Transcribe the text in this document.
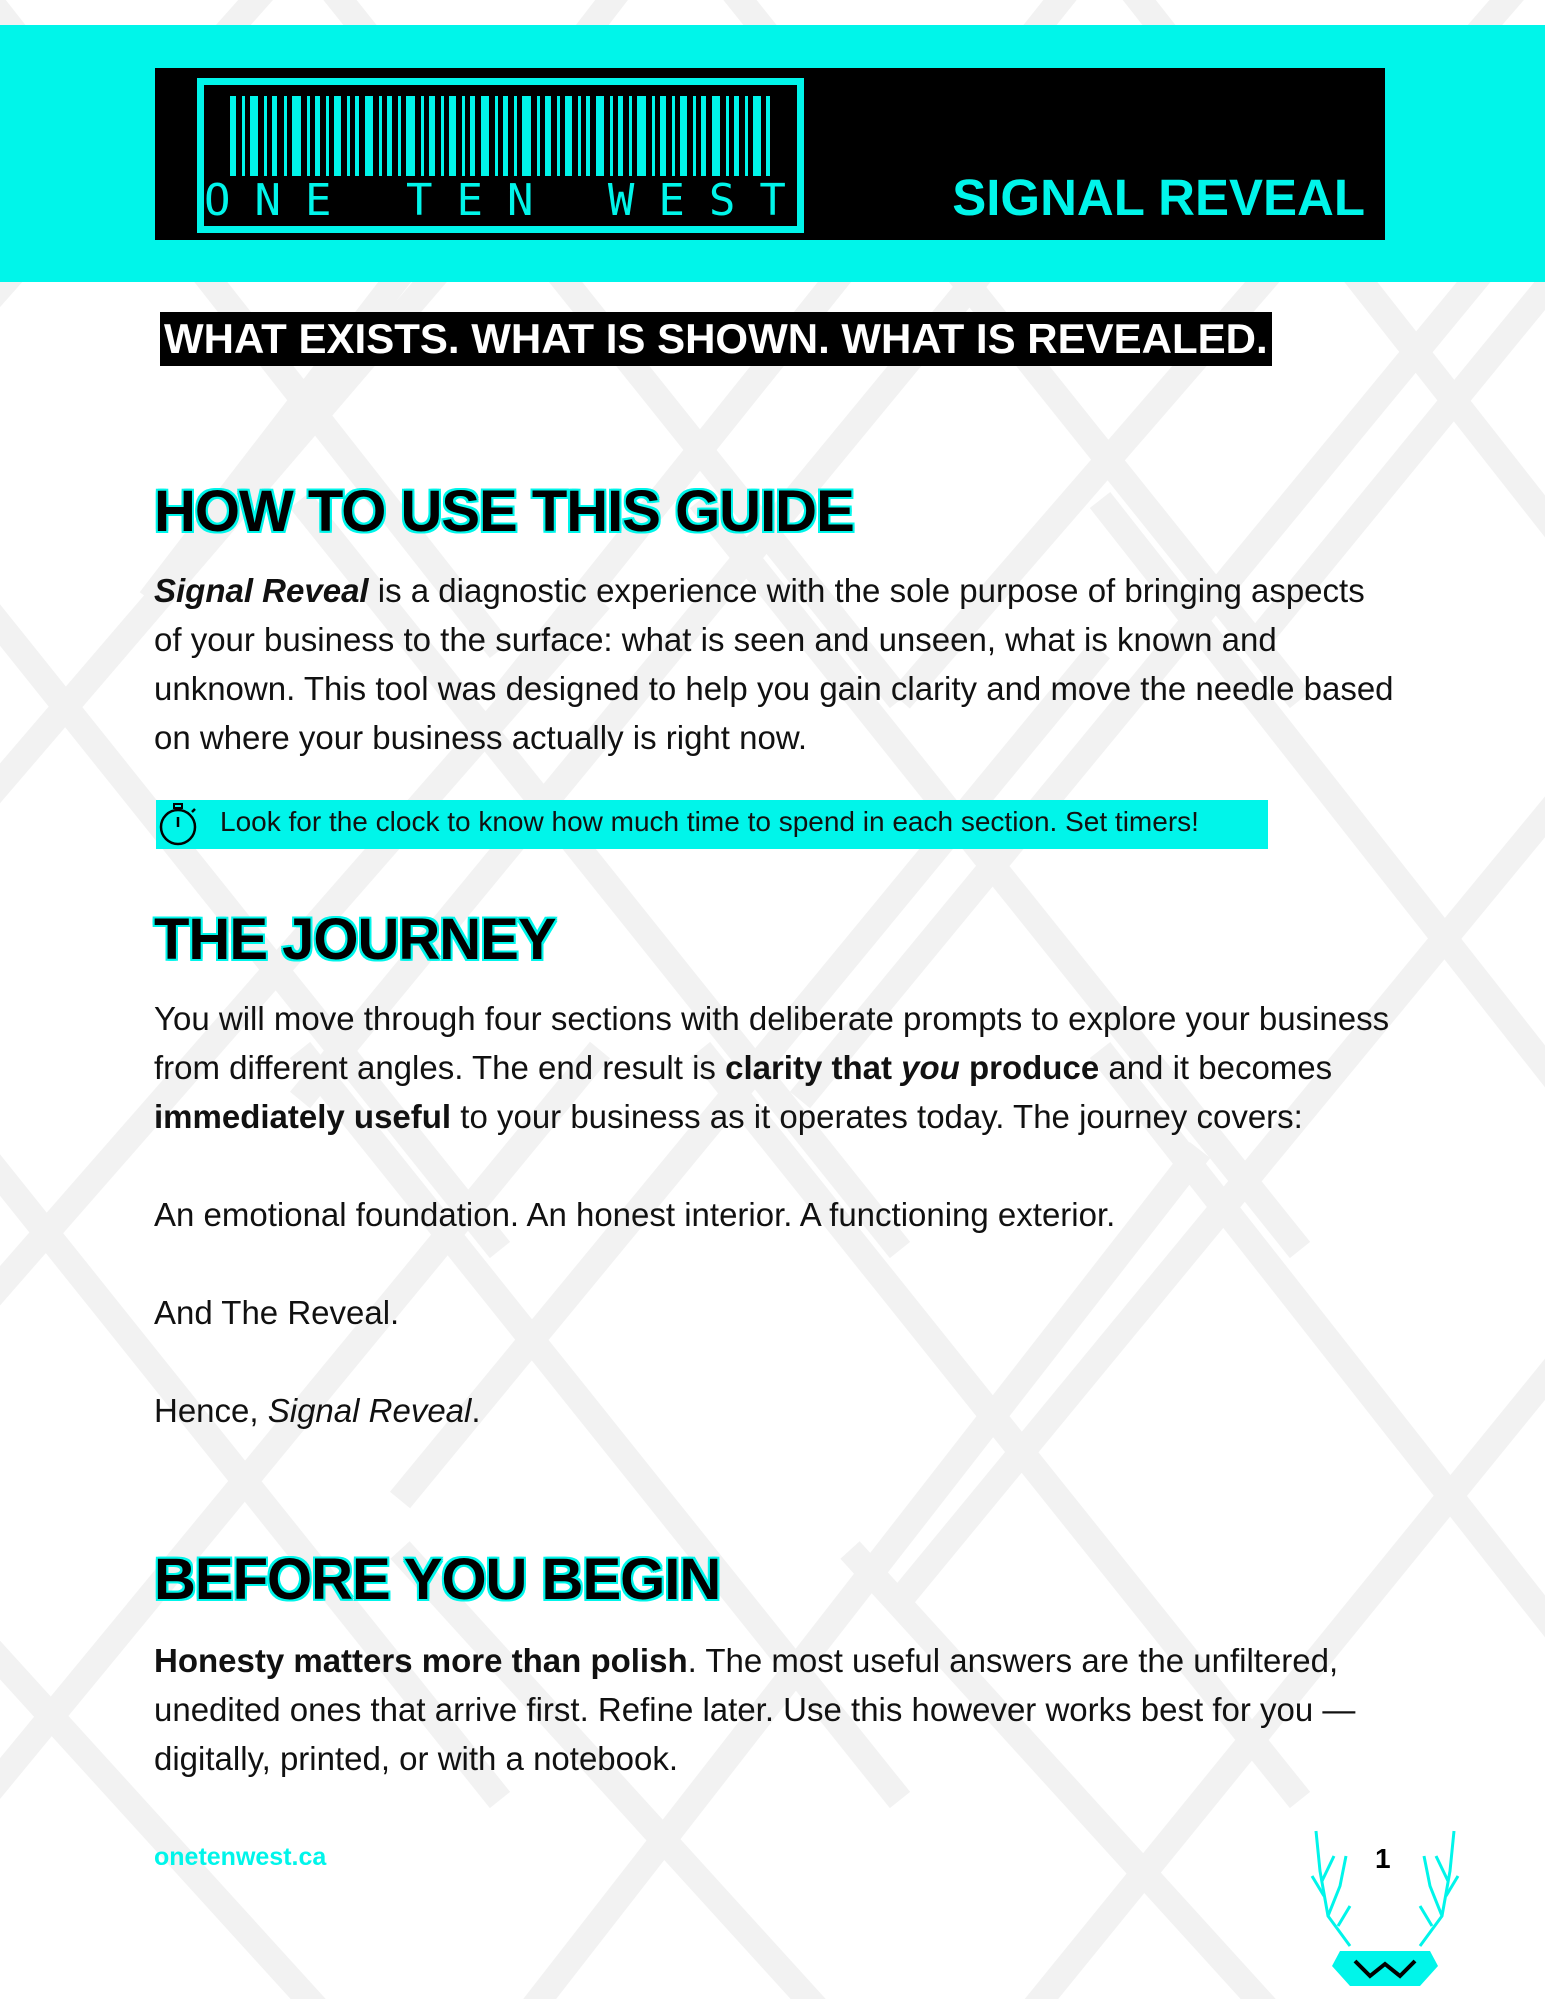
SIGNAL REVEAL
ONE TEN WEST
WHAT EXISTS. WHAT IS SHOWN. WHAT IS REVEALED.
HOW TO USE THIS GUIDE

Signal Reveal is a diagnostic experience with the sole purpose of bringing aspects of your business to the surface: what is seen and unseen, what is known and unknown. This tool was designed to help you gain clarity and move the needle based on where your business actually is right now.

Look for the clock to know how much time to spend in each section. Set timers!
THE JOURNEY

You will move through four sections with deliberate prompts to explore your business from different angles. The end result is clarity that you produce and it becomes immediately useful to your business as it operates today. The journey covers:

An emotional foundation. An honest interior. A functioning exterior.

And The Reveal.

Hence, Signal Reveal.

BEFORE YOU BEGIN

Honesty matters more than polish. The most useful answers are the unfiltered, unedited ones that arrive first. Refine later. Use this however works best for you — digitally, printed, or with a notebook.

onetenwest.ca	1
